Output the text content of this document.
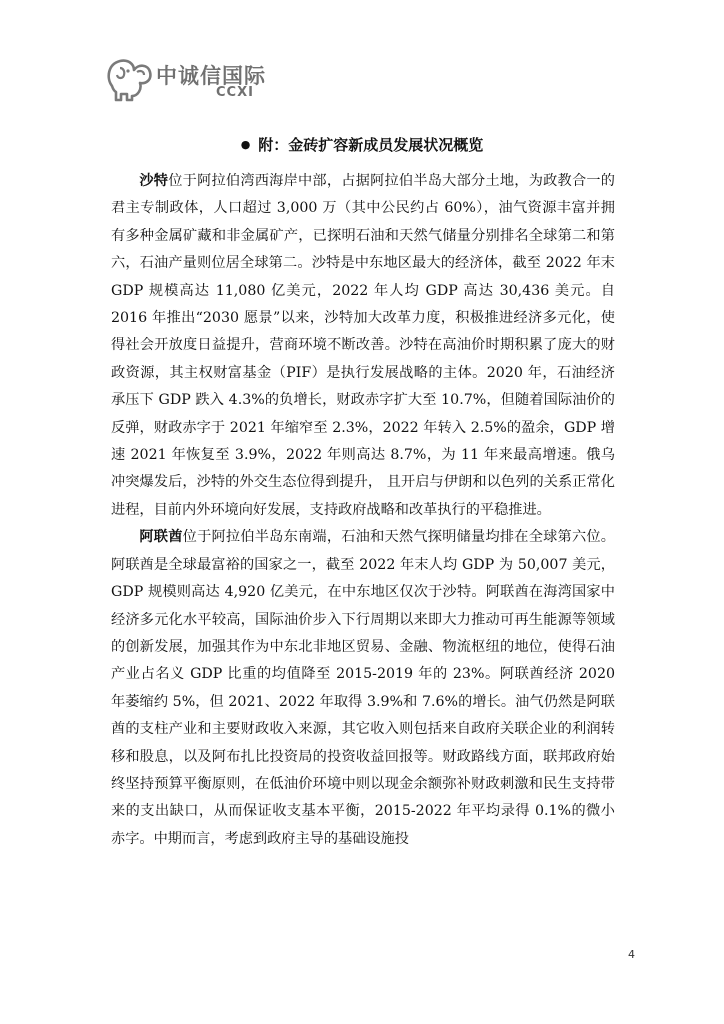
中诚信国际
CCXI
● 附：金砖扩容新成员发展状况概览

沙特位于阿拉伯湾西海岸中部，占据阿拉伯半岛大部分土地，为政教合一的君主专制政体，人口超过 3,000 万（其中公民约占 60%），油气资源丰富并拥有多种金属矿藏和非金属矿产，已探明石油和天然气储量分别排名全球第二和第六，石油产量则位居全球第二。沙特是中东地区最大的经济体，截至 2022 年末 GDP 规模高达 11,080 亿美元，2022 年人均 GDP 高达 30,436 美元。自 2016 年推出“2030 愿景”以来，沙特加大改革力度，积极推进经济多元化，使得社会开放度日益提升，营商环境不断改善。沙特在高油价时期积累了庞大的财政资源，其主权财富基金（PIF）是执行发展战略的主体。2020 年，石油经济承压下 GDP 跌入 4.3%的负增长，财政赤字扩大至 10.7%，但随着国际油价的反弹，财政赤字于 2021 年缩窄至 2.3%，2022 年转入 2.5%的盈余，GDP 增速 2021 年恢复至 3.9%，2022 年则高达 8.7%，为 11 年来最高增速。俄乌冲突爆发后，沙特的外交生态位得到提升， 且开启与伊朗和以色列的关系正常化进程，目前内外环境向好发展，支持政府战略和改革执行的平稳推进。

阿联酋位于阿拉伯半岛东南端，石油和天然气探明储量均排在全球第六位。阿联酋是全球最富裕的国家之一，截至 2022 年末人均 GDP 为 50,007 美元，GDP 规模则高达 4,920 亿美元，在中东地区仅次于沙特。阿联酋在海湾国家中经济多元化水平较高，国际油价步入下行周期以来即大力推动可再生能源等领域的创新发展，加强其作为中东北非地区贸易、金融、物流枢纽的地位，使得石油产业占名义 GDP 比重的均值降至 2015-2019 年的 23%。阿联酋经济 2020 年萎缩约 5%，但 2021、2022 年取得 3.9%和 7.6%的增长。油气仍然是阿联酋的支柱产业和主要财政收入来源，其它收入则包括来自政府关联企业的利润转移和股息，以及阿布扎比投资局的投资收益回报等。财政路线方面，联邦政府始终坚持预算平衡原则，在低油价环境中则以现金余额弥补财政刺激和民生支持带来的支出缺口，从而保证收支基本平衡，2015-2022 年平均录得 0.1%的微小赤字。中期而言，考虑到政府主导的基础设施投

4
